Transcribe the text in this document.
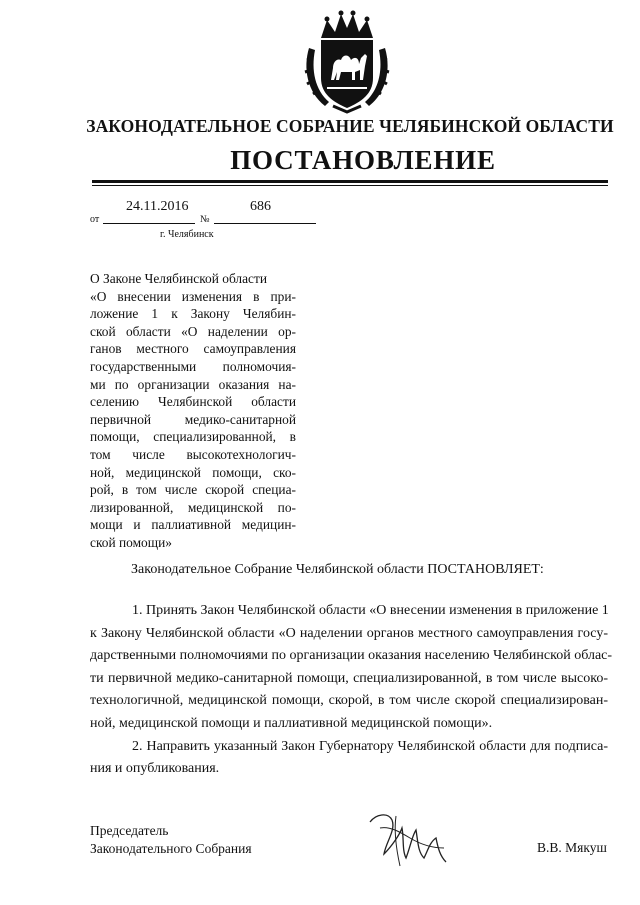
ЗАКОНОДАТЕЛЬНОЕ СОБРАНИЕ ЧЕЛЯБИНСКОЙ ОБЛАСТИ
ПОСТАНОВЛЕНИЕ
24.11.2016	686
от	№
г. Челябинск
О Законе Челябинской области
«О внесении изменения в при-
ложение 1 к Закону Челябин-
ской области «О наделении ор-
ганов местного самоуправления
государственными полномочия-
ми по организации оказания на-
селению Челябинской области
первичной медико-санитарной
помощи, специализированной, в
том числе высокотехнологич-
ной, медицинской помощи, ско-
рой, в том числе скорой специа-
лизированной, медицинской по-
мощи и паллиативной медицин-
ской помощи»
Законодательное Собрание Челябинской области ПОСТАНОВЛЯЕТ:
1. Принять Закон Челябинской области «О внесении изменения в приложение 1
к Закону Челябинской области «О наделении органов местного самоуправления госу-
дарственными полномочиями по организации оказания населению Челябинской облас-
ти первичной медико-санитарной помощи, специализированной, в том числе высоко-
технологичной, медицинской помощи, скорой, в том числе скорой специализирован-
ной, медицинской помощи и паллиативной медицинской помощи».
2. Направить указанный Закон Губернатору Челябинской области для подписа-
ния и опубликования.
Председатель
Законодательного Собрания	В.В. Мякуш
